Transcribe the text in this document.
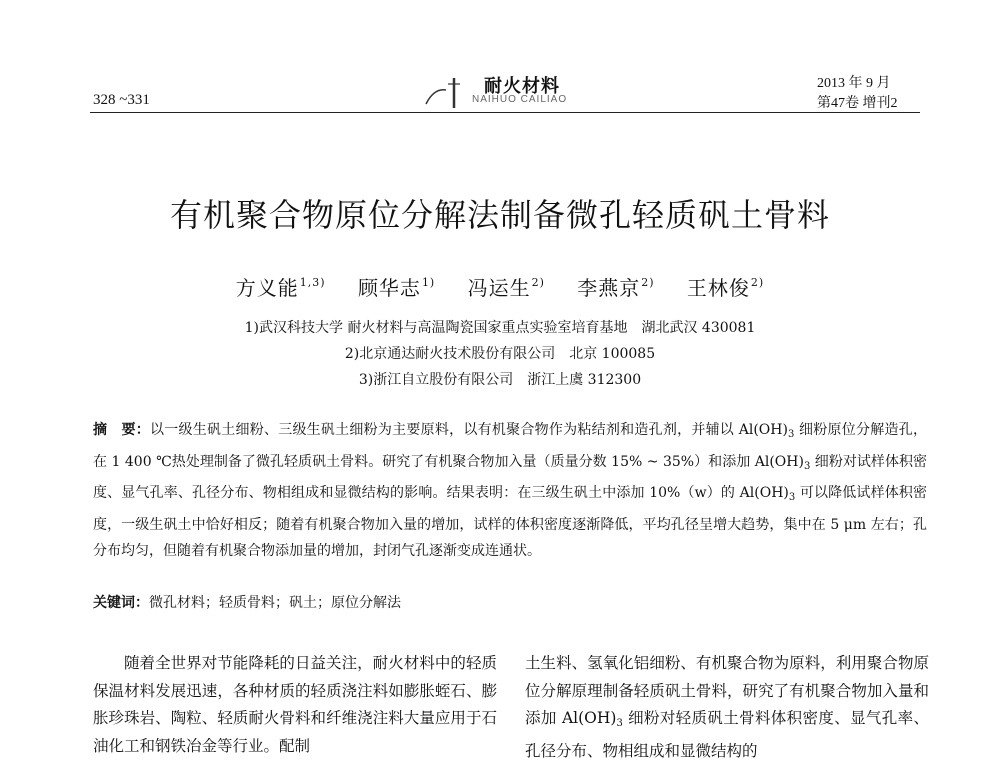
328 ~331
耐火材料
NAIHUO CAILIAO
2013 年 9 月
第47卷 增刊2
有机聚合物原位分解法制备微孔轻质矾土骨料
方义能$^{1,3)}$ 顾华志$^{1)}$ 冯运生$^{2)}$ 李燕京$^{2)}$ 王林俊$^{2)}$
1)武汉科技大学 耐火材料与高温陶瓷国家重点实验室培育基地　湖北武汉 430081
2)北京通达耐火技术股份有限公司　北京 100085
3)浙江自立股份有限公司　浙江上虞 312300
摘　要：以一级生矾土细粉、三级生矾土细粉为主要原料，以有机聚合物作为粘结剂和造孔剂，并辅以 $Al(OH)_3$ 细粉原位分解造孔，在 1 400 ℃热处理制备了微孔轻质矾土骨料。研究了有机聚合物加入量（质量分数 15% ~ 35%）和添加 $Al(OH)_3$ 细粉对试样体积密度、显气孔率、孔径分布、物相组成和显微结构的影响。结果表明：在三级生矾土中添加 10%（w）的 $Al(OH)_3$ 可以降低试样体积密度，一级生矾土中恰好相反；随着有机聚合物加入量的增加，试样的体积密度逐渐降低，平均孔径呈增大趋势，集中在 5 μm 左右；孔分布均匀，但随着有机聚合物添加量的增加，封闭气孔逐渐变成连通状。
关键词：微孔材料；轻质骨料；矾土；原位分解法
随着全世界对节能降耗的日益关注，耐火材料中的轻质保温材料发展迅速，各种材质的轻质浇注料如膨胀蛭石、膨胀珍珠岩、陶粒、轻质耐火骨料和纤维浇注料大量应用于石油化工和钢铁冶金等行业。配制
土生料、氢氧化铝细粉、有机聚合物为原料，利用聚合物原位分解原理制备轻质矾土骨料，研究了有机聚合物加入量和添加 $Al(OH)_3$ 细粉对轻质矾土骨料体积密度、显气孔率、孔径分布、物相组成和显微结构的
